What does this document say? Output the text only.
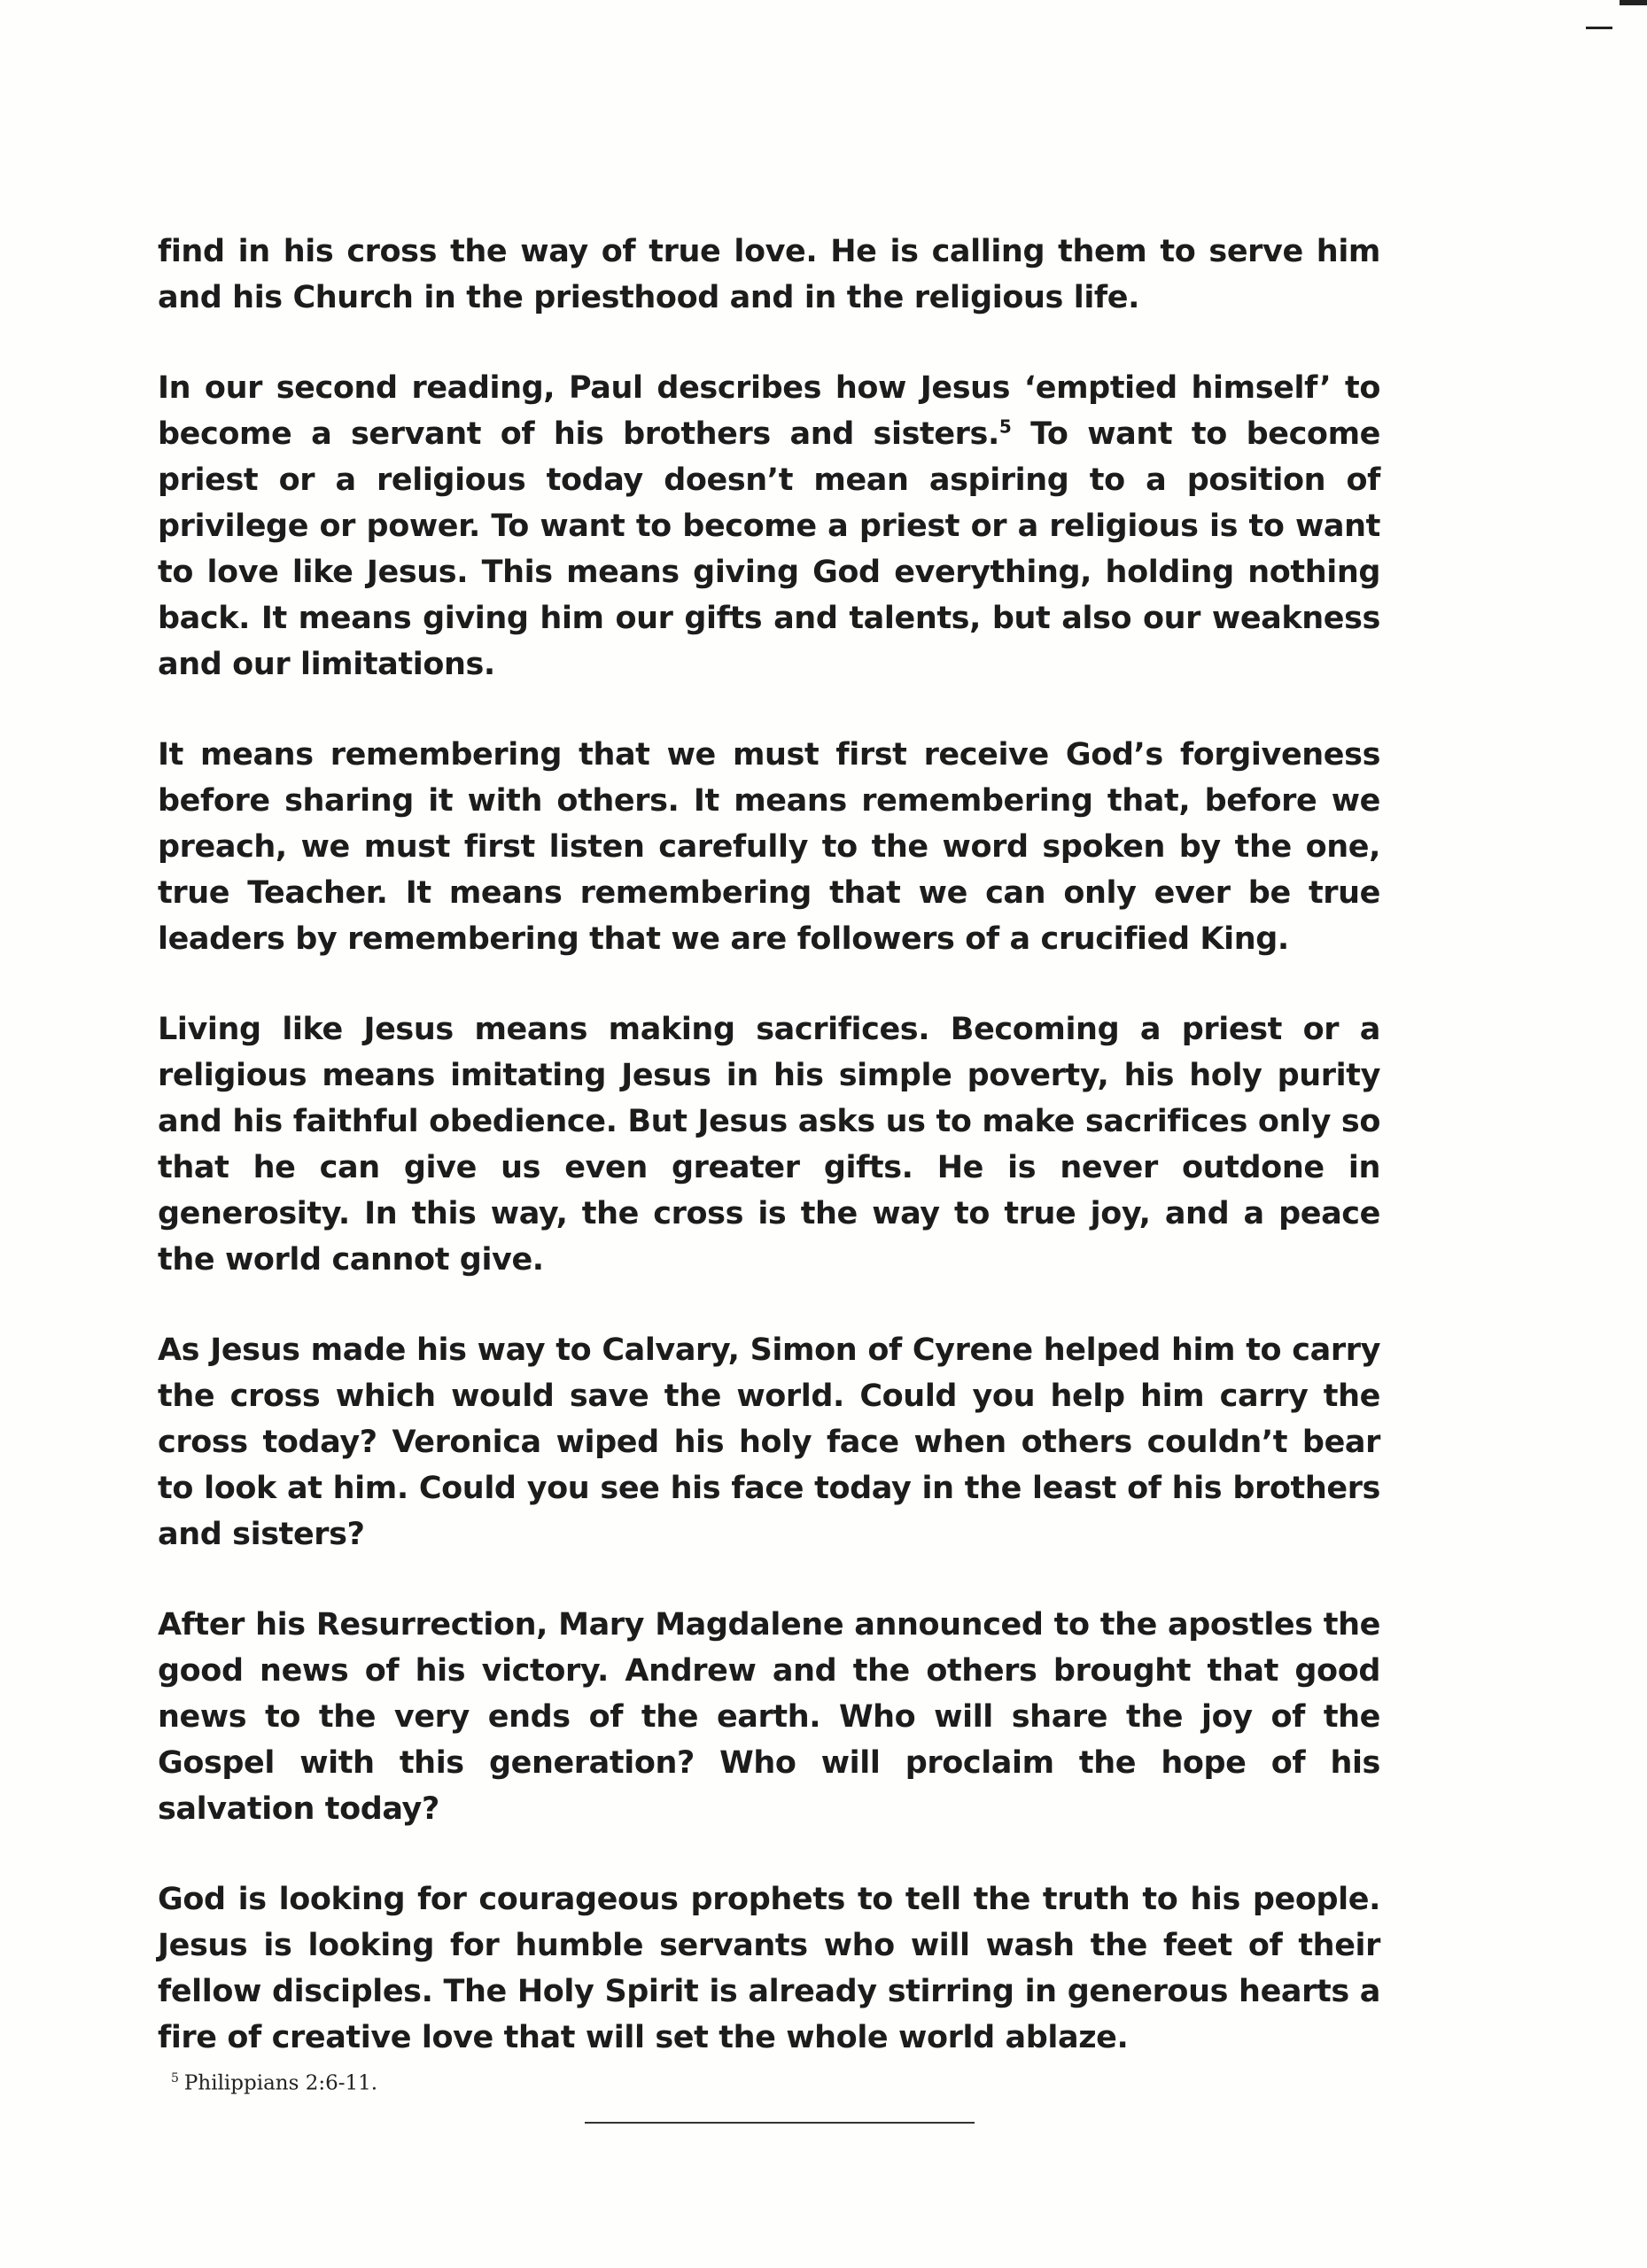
find in his cross the way of true love. He is calling them to serve him and his Church in the priesthood and in the religious life.

In our second reading, Paul describes how Jesus ‘emptied himself’ to become a servant of his brothers and sisters.$^5$ To want to become priest or a religious today doesn’t mean aspiring to a position of privilege or power. To want to become a priest or a religious is to want to love like Jesus. This means giving God everything, holding nothing back. It means giving him our gifts and talents, but also our weakness and our limitations.

It means remembering that we must first receive God’s forgiveness before sharing it with others. It means remembering that, before we preach, we must first listen carefully to the word spoken by the one, true Teacher. It means remembering that we can only ever be true leaders by remembering that we are followers of a crucified King.

Living like Jesus means making sacrifices. Becoming a priest or a religious means imitating Jesus in his simple poverty, his holy purity and his faithful obedience. But Jesus asks us to make sacrifices only so that he can give us even greater gifts. He is never outdone in generosity. In this way, the cross is the way to true joy, and a peace the world cannot give.

As Jesus made his way to Calvary, Simon of Cyrene helped him to carry the cross which would save the world. Could you help him carry the cross today? Veronica wiped his holy face when others couldn’t bear to look at him. Could you see his face today in the least of his brothers and sisters?

After his Resurrection, Mary Magdalene announced to the apostles the good news of his victory. Andrew and the others brought that good news to the very ends of the earth. Who will share the joy of the Gospel with this generation? Who will proclaim the hope of his salvation today?

God is looking for courageous prophets to tell the truth to his people. Jesus is looking for humble servants who will wash the feet of their fellow disciples. The Holy Spirit is already stirring in generous hearts a fire of creative love that will set the whole world ablaze.

$^5$ Philippians 2:6-11.
